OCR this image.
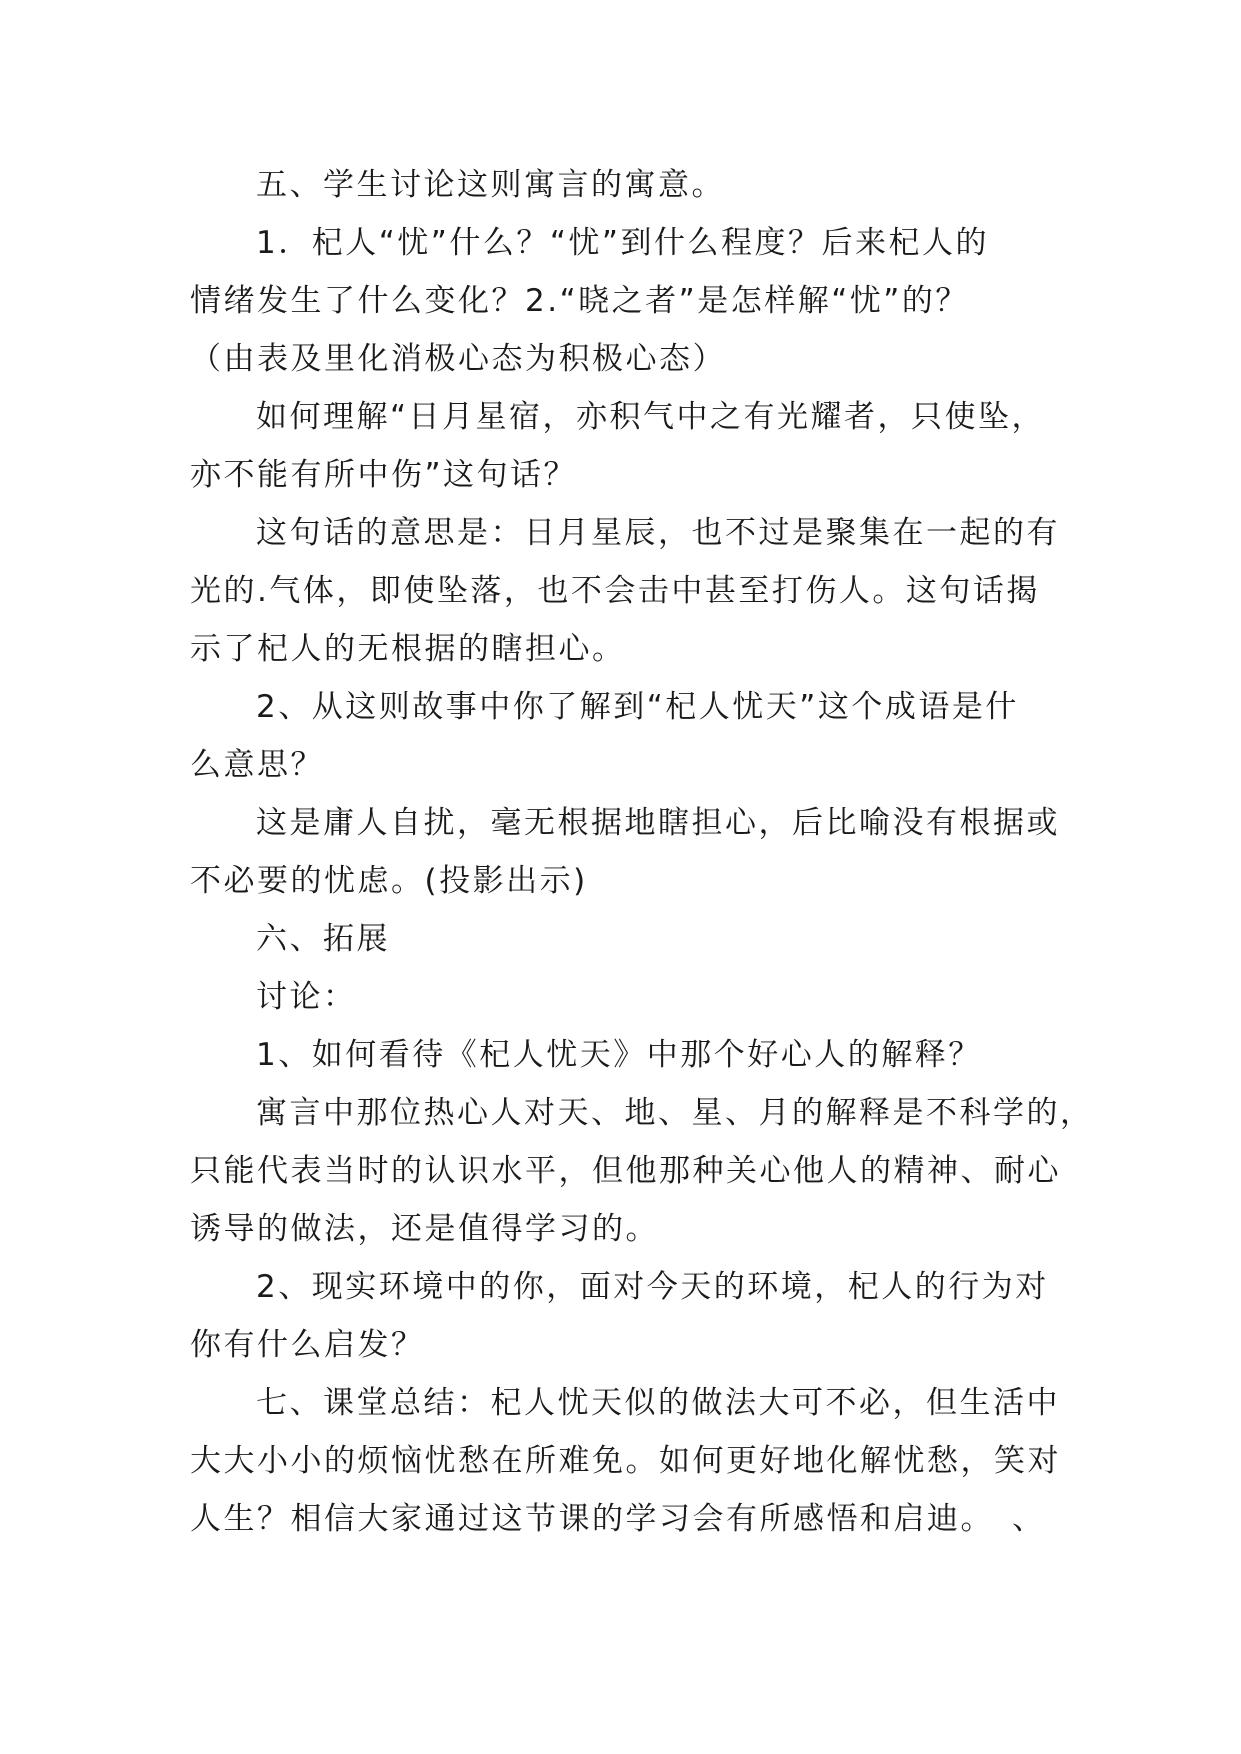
五、学生讨论这则寓言的寓意。
1．杞人“忧”什么？“忧”到什么程度？后来杞人的
情绪发生了什么变化？2.“晓之者”是怎样解“忧”的？
（由表及里化消极心态为积极心态）
如何理解“日月星宿，亦积气中之有光耀者，只使坠，
亦不能有所中伤”这句话？
这句话的意思是：日月星辰，也不过是聚集在一起的有
光的.气体，即使坠落，也不会击中甚至打伤人。这句话揭
示了杞人的无根据的瞎担心。
2、从这则故事中你了解到“杞人忧天”这个成语是什
么意思？
这是庸人自扰，毫无根据地瞎担心，后比喻没有根据或
不必要的忧虑。(投影出示)
六、拓展
讨论：
1、如何看待《杞人忧天》中那个好心人的解释？
寓言中那位热心人对天、地、星、月的解释是不科学的，
只能代表当时的认识水平，但他那种关心他人的精神、耐心
诱导的做法，还是值得学习的。
2、现实环境中的你，面对今天的环境，杞人的行为对
你有什么启发？
七、课堂总结：杞人忧天似的做法大可不必，但生活中
大大小小的烦恼忧愁在所难免。如何更好地化解忧愁，笑对
人生？相信大家通过这节课的学习会有所感悟和启迪。　、
